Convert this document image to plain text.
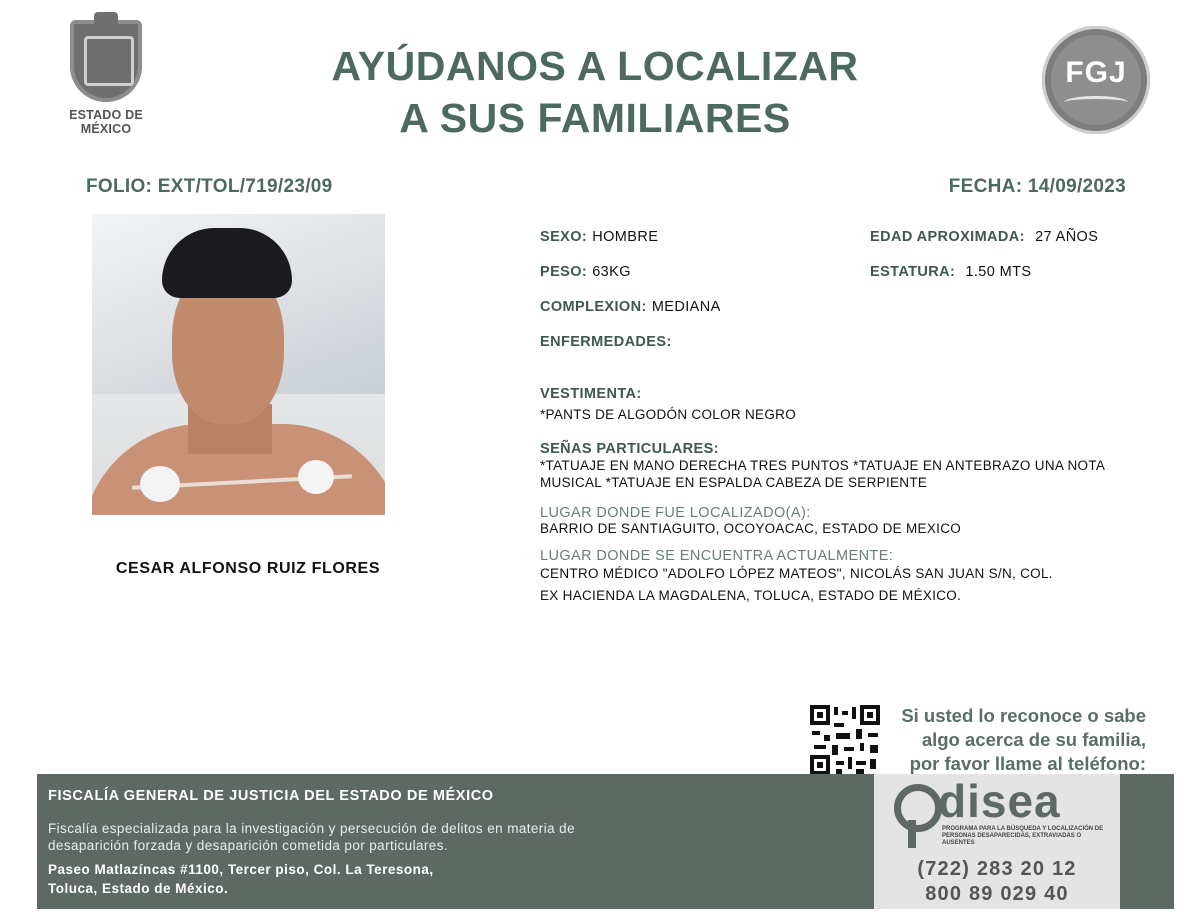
ESTADO DE MÉXICO
AYÚDANOS A LOCALIZAR
A SUS FAMILIARES
FGJ
FOLIO: EXT/TOL/719/23/09	FECHA: 14/09/2023
CESAR ALFONSO RUIZ FLORES
SEXO: HOMBRE	EDAD APROXIMADA: 27 AÑOS
PESO: 63KG	ESTATURA: 1.50 MTS
COMPLEXION: MEDIANA
ENFERMEDADES:
VESTIMENTA:
*PANTS DE ALGODÓN COLOR NEGRO
SEÑAS PARTICULARES:
*TATUAJE EN MANO DERECHA TRES PUNTOS *TATUAJE EN ANTEBRAZO UNA NOTA MUSICAL *TATUAJE EN ESPALDA CABEZA DE SERPIENTE
LUGAR DONDE FUE LOCALIZADO(A):
BARRIO DE SANTIAGUITO, OCOYOACAC, ESTADO DE MEXICO
LUGAR DONDE SE ENCUENTRA ACTUALMENTE:
CENTRO MÉDICO "ADOLFO LÓPEZ MATEOS", NICOLÁS SAN JUAN S/N, COL.
EX HACIENDA LA MAGDALENA, TOLUCA, ESTADO DE MÉXICO.
Si usted lo reconoce o sabe
algo acerca de su familia,
por favor llame al teléfono:
FISCALÍA GENERAL DE JUSTICIA DEL ESTADO DE MÉXICO
Fiscalía especializada para la investigación y persecución de delitos en materia de desaparición forzada y desaparición cometida por particulares.
Paseo Matlazíncas #1100, Tercer piso, Col. La Teresona,
Toluca, Estado de México.
disea
PROGRAMA PARA LA BÚSQUEDA Y LOCALIZACIÓN DE PERSONAS DESAPARECIDAS, EXTRAVIADAS O AUSENTES
(722) 283 20 12
800 89 029 40
